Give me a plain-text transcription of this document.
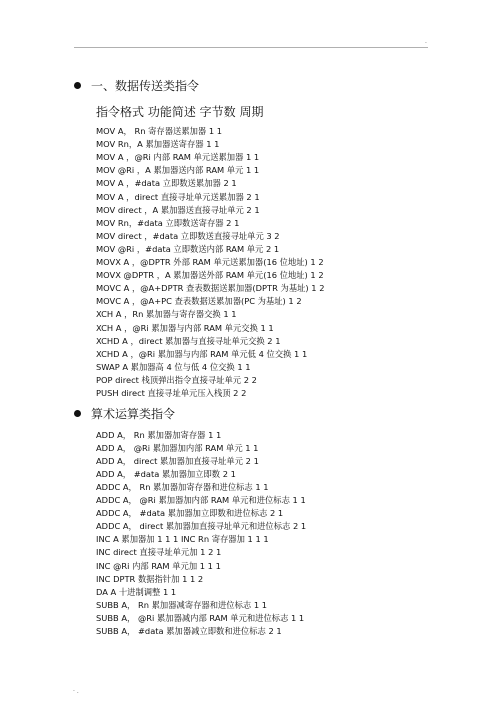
.
一、数据传送类指令
指令格式 功能简述 字节数 周期
MOV A， Rn 寄存器送累加器 1 1
MOV Rn，A 累加器送寄存器 1 1
MOV A ，@Ri 内部 RAM 单元送累加器 1 1
MOV @Ri ，A 累加器送内部 RAM 单元 1 1
MOV A ，#data 立即数送累加器 2 1
MOV A ，direct 直接寻址单元送累加器 2 1
MOV direct ，A 累加器送直接寻址单元 2 1
MOV Rn，#data 立即数送寄存器 2 1
MOV direct ，#data 立即数送直接寻址单元 3 2
MOV @Ri ，#data 立即数送内部 RAM 单元 2 1
MOVX A ，@DPTR 外部 RAM 单元送累加器(16 位地址) 1 2
MOVX @DPTR ，A 累加器送外部 RAM 单元(16 位地址) 1 2
MOVC A ，@A+DPTR 查表数据送累加器(DPTR 为基址) 1 2
MOVC A ，@A+PC 查表数据送累加器(PC 为基址) 1 2
XCH A ，Rn 累加器与寄存器交换 1 1
XCH A ，@Ri 累加器与内部 RAM 单元交换 1 1
XCHD A ，direct 累加器与直接寻址单元交换 2 1
XCHD A ，@Ri 累加器与内部 RAM 单元低 4 位交换 1 1
SWAP A 累加器高 4 位与低 4 位交换 1 1
POP direct 栈顶弹出指令直接寻址单元 2 2
PUSH direct 直接寻址单元压入栈顶 2 2
算术运算类指令
ADD A， Rn 累加器加寄存器 1 1
ADD A， @Ri 累加器加内部 RAM 单元 1 1
ADD A， direct 累加器加直接寻址单元 2 1
ADD A， #data 累加器加立即数 2 1
ADDC A， Rn 累加器加寄存器和进位标志 1 1
ADDC A， @Ri 累加器加内部 RAM 单元和进位标志 1 1
ADDC A， #data 累加器加立即数和进位标志 2 1
ADDC A， direct 累加器加直接寻址单元和进位标志 2 1
INC A 累加器加 1 1 1 INC Rn 寄存器加 1 1 1
INC direct 直接寻址单元加 1 2 1
INC @Ri 内部 RAM 单元加 1 1 1
INC DPTR 数据指针加 1 1 2
DA A 十进制调整 1 1
SUBB A， Rn 累加器减寄存器和进位标志 1 1
SUBB A， @Ri 累加器减内部 RAM 单元和进位标志 1 1
SUBB A， #data 累加器减立即数和进位标志 2 1
· .
